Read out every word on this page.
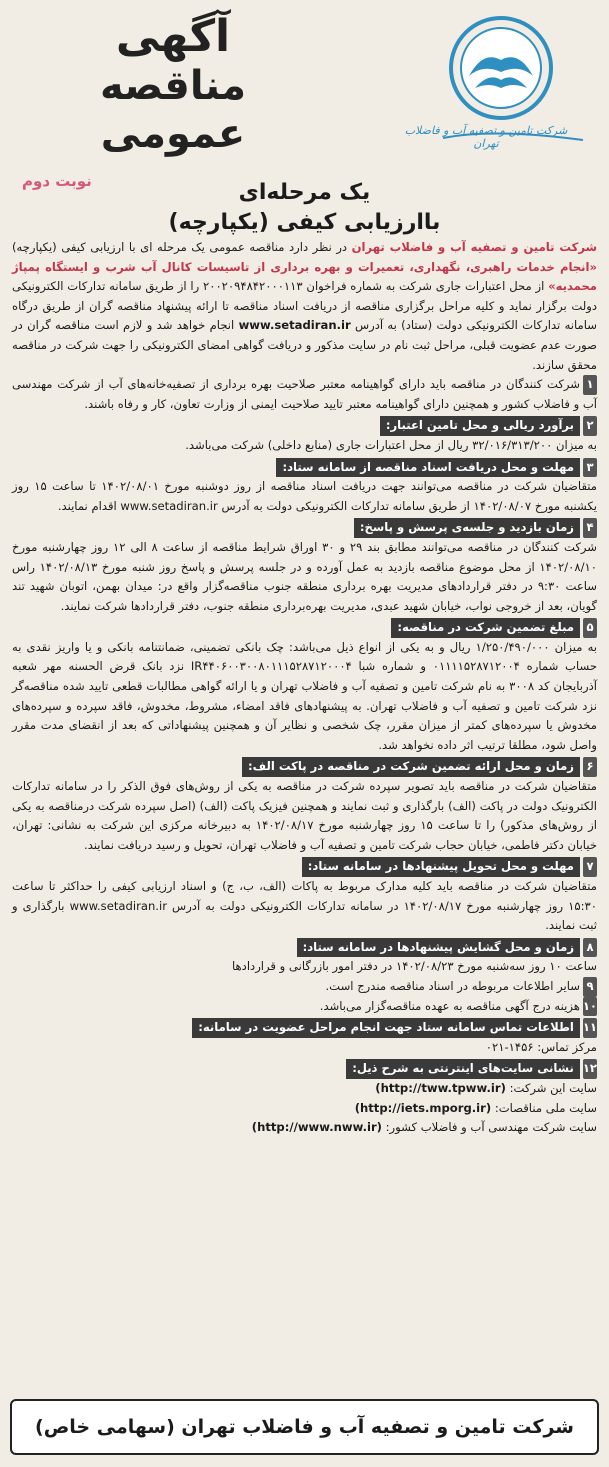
شرکت تامین و تصفیه آب و فاضلاب تهران
آگهی
مناقصه عمومی
نوبت دوم	یک مرحله‌ای
باارزیابی کیفی (یکپارچه)

شرکت تامین و تصفیه آب و فاضلاب تهران در نظر دارد مناقصه عمومی یک مرحله ای با ارزیابی کیفی (یکپارچه) «انجام خدمات راهبری، نگهداری، تعمیرات و بهره برداری از تاسیسات کانال آب شرب و ایستگاه پمپاژ محمدیه» از محل اعتبارات جاری شرکت به شماره فراخوان ۲۰۰۲۰۹۴۸۴۲۰۰۰۱۱۳ را از طریق سامانه تدارکات الکترونیکی دولت برگزار نماید و کلیه مراحل برگزاری مناقصه از دریافت اسناد مناقصه تا ارائه پیشنهاد مناقصه گران از طریق درگاه سامانه تدارکات الکترونیکی دولت (ستاد) به آدرس www.setadiran.ir انجام خواهد شد و لازم است مناقصه گران در صورت عدم عضویت قبلی، مراحل ثبت نام در سایت مذکور و دریافت گواهی امضای الکترونیکی را جهت شرکت در مناقصه محقق سازند.

۱شرکت کنندگان در مناقصه باید دارای گواهینامه معتبر صلاحیت بهره برداری از تصفیه‌خانه‌های آب از شرکت مهندسی آب و فاضلاب کشور و همچنین دارای گواهینامه معتبر تایید صلاحیت ایمنی از وزارت تعاون، کار و رفاه باشند.

۲برآورد ریالی و محل تامین اعتبار:
به میزان ۳۲/۰۱۶/۳۱۳/۲۰۰ ریال از محل اعتبارات جاری (منابع داخلی) شرکت می‌باشد.

۳مهلت و محل دریافت اسناد مناقصه از سامانه ستاد:
متقاضیان شرکت در مناقصه می‌توانند جهت دریافت اسناد مناقصه از روز دوشنبه مورخ ۱۴۰۲/۰۸/۰۱ تا ساعت ۱۵ روز یکشنبه مورخ ۱۴۰۲/۰۸/۰۷ از طریق سامانه تدارکات الکترونیکی دولت به آدرس www.setadiran.ir اقدام نمایند.

۴زمان بازدید و جلسه‌ی پرسش و پاسخ:
شرکت کنندگان در مناقصه می‌توانند مطابق بند ۲۹ و ۳۰ اوراق شرایط مناقصه از ساعت ۸ الی ۱۲ روز چهارشنبه مورخ ۱۴۰۲/۰۸/۱۰ از محل موضوع مناقصه بازدید به عمل آورده و در جلسه پرسش و پاسخ روز شنبه مورخ ۱۴۰۲/۰۸/۱۳ راس ساعت ۹:۳۰ در دفتر قراردادهای مدیریت بهره برداری منطقه جنوب مناقصه‌گزار واقع در: میدان بهمن، اتوبان شهید تند گویان، بعد از خروجی نواب، خیابان شهید عبدی، مدیریت بهره‌برداری منطقه جنوب، دفتر قراردادها شرکت نمایند.

۵مبلغ تضمین شرکت در مناقصه:
به میزان ۱/۲۵۰/۴۹۰/۰۰۰ ریال و به یکی از انواع ذیل می‌باشد: چک بانکی تضمینی، ضمانتنامه بانکی و یا واریز نقدی به حساب شماره ۰۱۱۱۱۵۲۸۷۱۲۰۰۴ و شماره شبا IR۴۴۰۶۰۰۳۰۰۸۰۱۱۱۵۲۸۷۱۲۰۰۰۴ نزد بانک قرض الحسنه مهر شعبه آذربایجان کد ۳۰۰۸ به نام شرکت تامین و تصفیه آب و فاضلاب تهران و یا ارائه گواهی مطالبات قطعی تایید شده مناقصه‌گر نزد شرکت تامین و تصفیه آب و فاضلاب تهران. به پیشنهادهای فاقد امضاء، مشروط، مخدوش، فاقد سپرده و سپرده‌های مخدوش یا سپرده‌های کمتر از میزان مقرر، چک شخصی و نظایر آن و همچنین پیشنهاداتی که بعد از انقضای مدت مقرر واصل شود، مطلقا ترتیب اثر داده نخواهد شد.

۶زمان و محل ارائه تضمین شرکت در مناقصه در پاکت الف:
متقاضیان شرکت در مناقصه باید تصویر سپرده شرکت در مناقصه به یکی از روش‌های فوق الذکر را در سامانه تدارکات الکترونیک دولت در پاکت (الف) بارگذاری و ثبت نمایند و همچنین فیزیک پاکت (الف) (اصل سپرده شرکت درمناقصه به یکی از روش‌های مذکور) را تا ساعت ۱۵ روز چهارشنبه مورخ ۱۴۰۲/۰۸/۱۷ به دبیرخانه مرکزی این شرکت به نشانی: تهران، خیابان دکتر فاطمی، خیابان حجاب شرکت تامین و تصفیه آب و فاضلاب تهران، تحویل و رسید دریافت نمایند.

۷مهلت و محل تحویل پیشنهادها در سامانه ستاد:
متقاضیان شرکت در مناقصه باید کلیه مدارک مربوط به پاکات (الف، ب، ج) و اسناد ارزیابی کیفی را حداکثر تا ساعت ۱۵:۳۰ روز چهارشنبه مورخ ۱۴۰۲/۰۸/۱۷ در سامانه تدارکات الکترونیکی دولت به آدرس www.setadiran.ir بارگذاری و ثبت نمایند.

۸زمان و محل گشایش پیشنهادها در سامانه ستاد:
ساعت ۱۰ روز سه‌شنبه مورخ ۱۴۰۲/۰۸/۲۳ در دفتر امور بازرگانی و قراردادها

۹سایر اطلاعات مربوطه در اسناد مناقصه مندرج است.

۱۰هزینه درج آگهی مناقصه به عهده مناقصه‌گزار می‌باشد.

۱۱اطلاعات تماس سامانه ستاد جهت انجام مراحل عضویت در سامانه:
مرکز تماس: ۱۴۵۶-۰۲۱

۱۲نشانی سایت‌های اینترنتی به شرح ذیل:

سایت این شرکت: (http://tww.tpww.ir)

سایت ملی مناقصات: (http://iets.mporg.ir)

سایت شرکت مهندسی آب و فاضلاب کشور: (http://www.nww.ir)

شرکت تامین و تصفیه آب و فاضلاب تهران (سهامی خاص)
